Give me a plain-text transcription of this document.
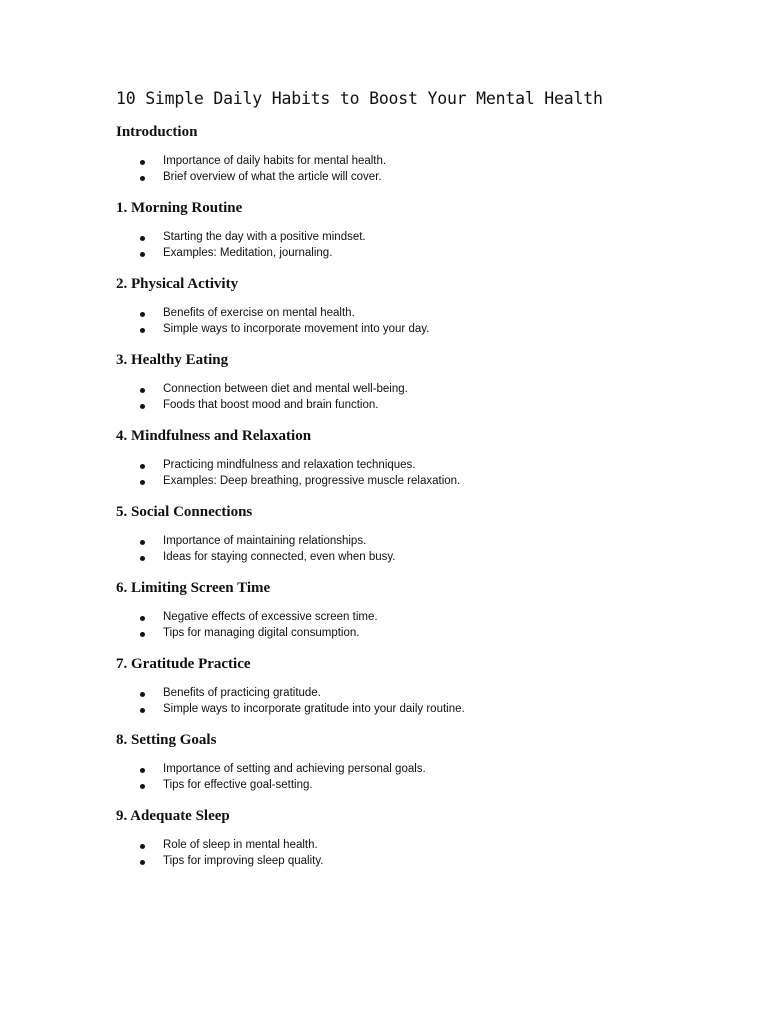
10 Simple Daily Habits to Boost Your Mental Health
Introduction
Importance of daily habits for mental health.
Brief overview of what the article will cover.
1. Morning Routine
Starting the day with a positive mindset.
Examples: Meditation, journaling.
2. Physical Activity
Benefits of exercise on mental health.
Simple ways to incorporate movement into your day.
3. Healthy Eating
Connection between diet and mental well-being.
Foods that boost mood and brain function.
4. Mindfulness and Relaxation
Practicing mindfulness and relaxation techniques.
Examples: Deep breathing, progressive muscle relaxation.
5. Social Connections
Importance of maintaining relationships.
Ideas for staying connected, even when busy.
6. Limiting Screen Time
Negative effects of excessive screen time.
Tips for managing digital consumption.
7. Gratitude Practice
Benefits of practicing gratitude.
Simple ways to incorporate gratitude into your daily routine.
8. Setting Goals
Importance of setting and achieving personal goals.
Tips for effective goal-setting.
9. Adequate Sleep
Role of sleep in mental health.
Tips for improving sleep quality.
